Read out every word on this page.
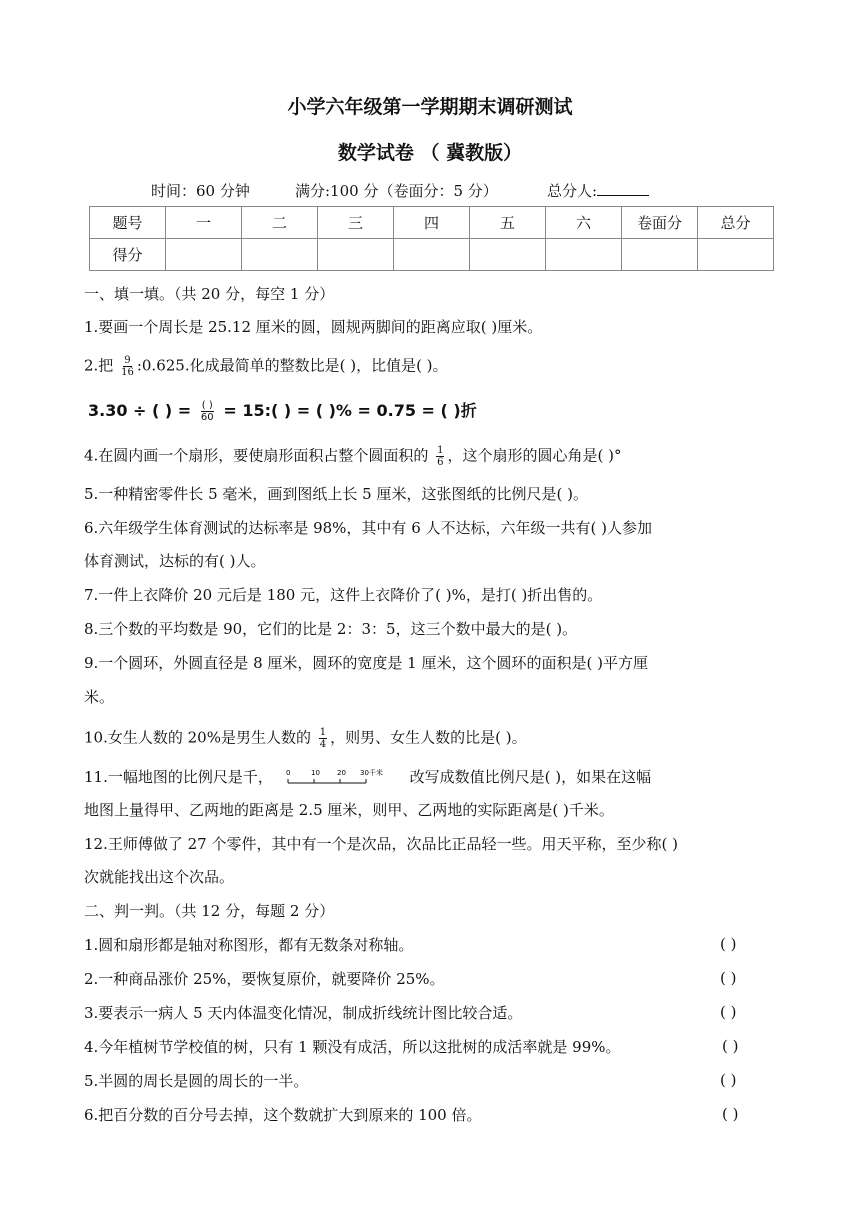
小学六年级第一学期期末调研测试
数学试卷 （ 冀教版）
时间：60 分钟	满分:100 分（卷面分：5 分）	总分人:
题号	一	二	三	四	五	六	卷面分	总分
得分								
一、填一填。（共 20 分，每空 1 分）
1.要画一个周长是 25.12 厘米的圆，圆规两脚间的距离应取( )厘米。
2.把 $\frac{9}{16}$ :0.625.化成最简单的整数比是( )，比值是( )。
3.30 ÷ ( ) = $\frac{( )}{60}$ = 15:( ) = ( )% = 0.75 = ( )折
4.在圆内画一个扇形，要使扇形面积占整个圆面积的 $\frac{1}{6}$ ，这个扇形的圆心角是( )°
5.一种精密零件长 5 毫米，画到图纸上长 5 厘米，这张图纸的比例尺是( )。
6.六年级学生体育测试的达标率是 98%，其中有 6 人不达标，六年级一共有( )人参加
体育测试，达标的有( )人。
7.一件上衣降价 20 元后是 180 元，这件上衣降价了( )%，是打( )折出售的。
8.三个数的平均数是 90，它们的比是 2：3：5，这三个数中最大的是( )。
9.一个圆环，外圆直径是 8 厘米，圆环的宽度是 1 厘米，这个圆环的面积是( )平方厘
米。
10.女生人数的 20%是男生人数的 $\frac{1}{4}$ ，则男、女生人数的比是( )。
11.一幅地图的比例尺是千， 0	10 20 30千米 改写成数值比例尺是( )，如果在这幅
地图上量得甲、乙两地的距离是 2.5 厘米，则甲、乙两地的实际距离是( )千米。
12.王师傅做了 27 个零件，其中有一个是次品，次品比正品轻一些。用天平称，至少称( )
次就能找出这个次品。
二、判一判。（共 12 分，每题 2 分）
1.圆和扇形都是轴对称图形，都有无数条对称轴。	( )
2.一种商品涨价 25%，要恢复原价，就要降价 25%。	( )
3.要表示一病人 5 天内体温变化情况，制成折线统计图比较合适。	( )
4.今年植树节学校值的树，只有 1 颗没有成活，所以这批树的成活率就是 99%。	( )
5.半圆的周长是圆的周长的一半。	( )
6.把百分数的百分号去掉，这个数就扩大到原来的 100 倍。	( )
